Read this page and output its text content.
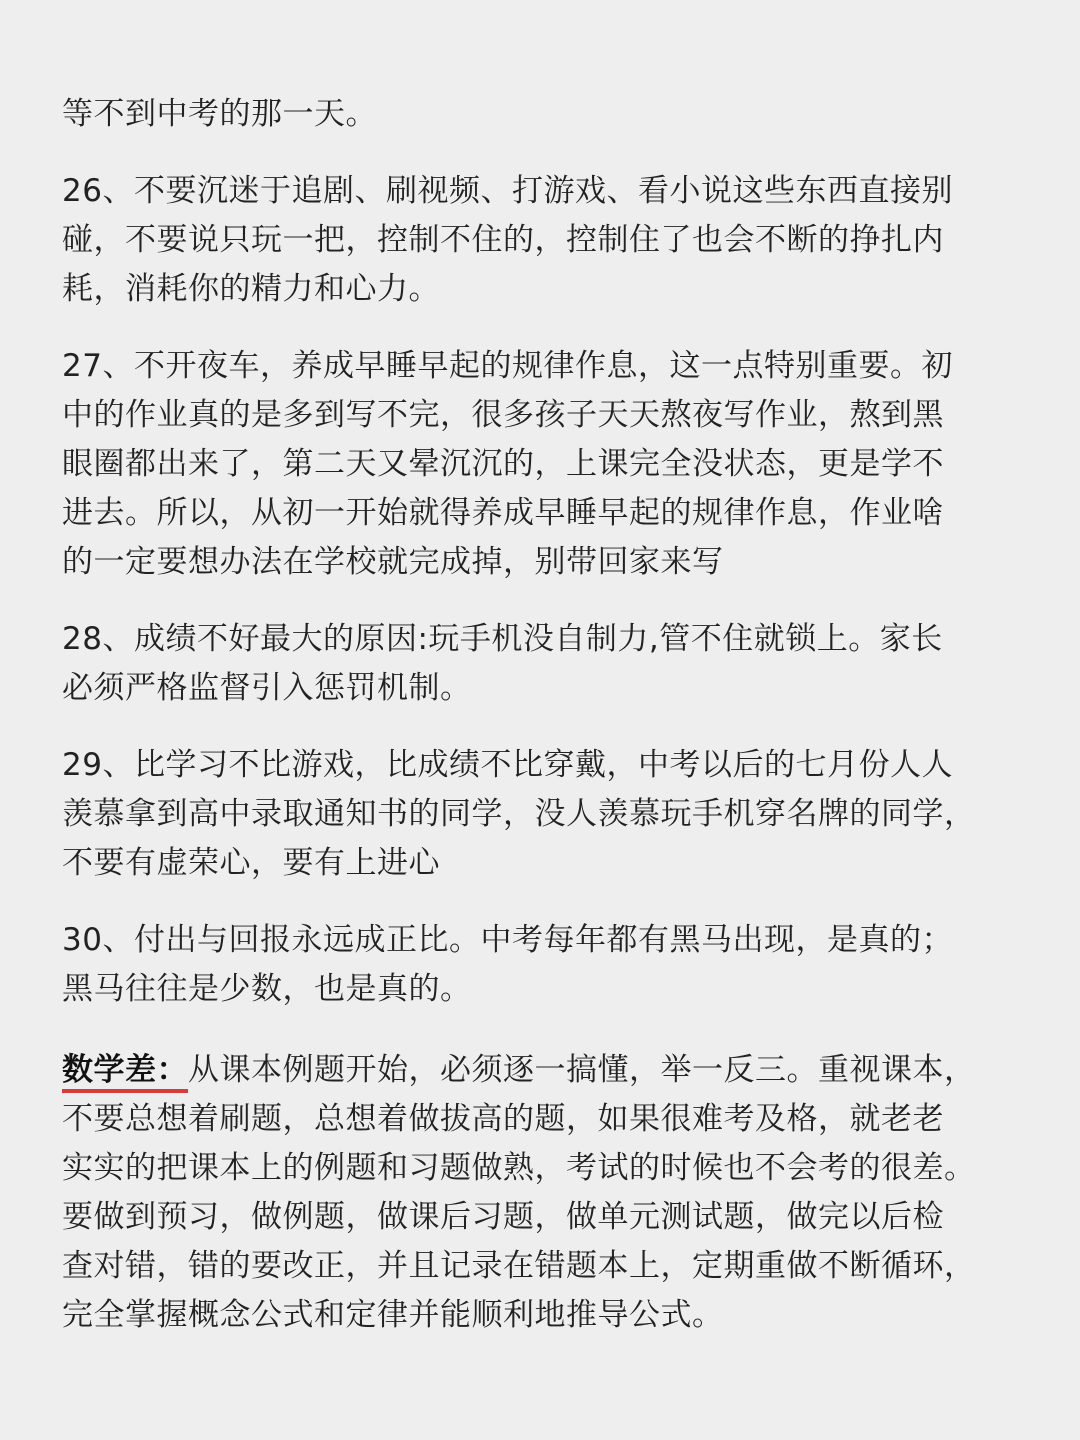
等不到中考的那一天。

26、不要沉迷于追剧、刷视频、打游戏、看小说这些东西直接别
碰，不要说只玩一把，控制不住的，控制住了也会不断的挣扎内
耗，消耗你的精力和心力。

27、不开夜车，养成早睡早起的规律作息，这一点特别重要。初
中的作业真的是多到写不完，很多孩子天天熬夜写作业，熬到黑
眼圈都出来了，第二天又晕沉沉的，上课完全没状态，更是学不
进去。所以，从初一开始就得养成早睡早起的规律作息，作业啥
的一定要想办法在学校就完成掉，别带回家来写

28、成绩不好最大的原因:玩手机没自制力,管不住就锁上。家长
必须严格监督引入惩罚机制。

29、比学习不比游戏，比成绩不比穿戴，中考以后的七月份人人
羡慕拿到高中录取通知书的同学，没人羡慕玩手机穿名牌的同学，
不要有虚荣心，要有上进心

30、付出与回报永远成正比。中考每年都有黑马出现，是真的；
黑马往往是少数，也是真的。

数学差：从课本例题开始，必须逐一搞懂，举一反三。重视课本，
不要总想着刷题，总想着做拔高的题，如果很难考及格，就老老
实实的把课本上的例题和习题做熟，考试的时候也不会考的很差。
要做到预习，做例题，做课后习题，做单元测试题，做完以后检
查对错，错的要改正，并且记录在错题本上，定期重做不断循环，
完全掌握概念公式和定律并能顺利地推导公式。
